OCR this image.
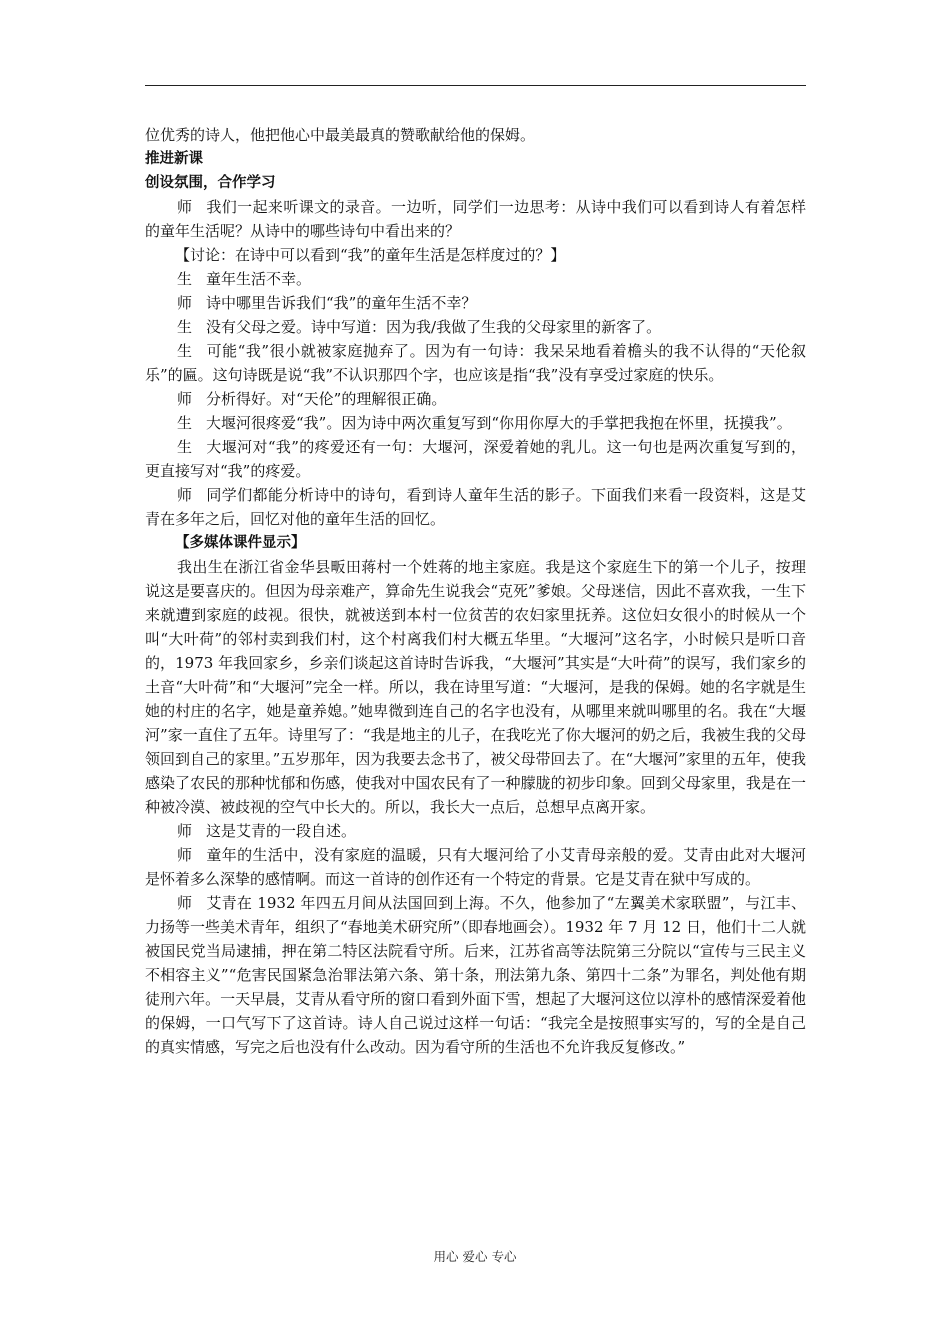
位优秀的诗人，他把他心中最美最真的赞歌献给他的保姆。

推进新课

创设氛围，合作学习

师 我们一起来听课文的录音。一边听，同学们一边思考：从诗中我们可以看到诗人有着怎样的童年生活呢？从诗中的哪些诗句中看出来的？

【讨论：在诗中可以看到“我”的童年生活是怎样度过的？】

生 童年生活不幸。

师 诗中哪里告诉我们“我”的童年生活不幸？

生 没有父母之爱。诗中写道：因为我/我做了生我的父母家里的新客了。

生 可能“我”很小就被家庭抛弃了。因为有一句诗：我呆呆地看着檐头的我不认得的“天伦叙乐”的匾。这句诗既是说“我”不认识那四个字，也应该是指“我”没有享受过家庭的快乐。

师 分析得好。对“天伦”的理解很正确。

生 大堰河很疼爱“我”。因为诗中两次重复写到“你用你厚大的手掌把我抱在怀里，抚摸我”。

生 大堰河对“我”的疼爱还有一句：大堰河，深爱着她的乳儿。这一句也是两次重复写到的，更直接写对“我”的疼爱。

师 同学们都能分析诗中的诗句，看到诗人童年生活的影子。下面我们来看一段资料，这是艾青在多年之后，回忆对他的童年生活的回忆。

【多媒体课件显示】

我出生在浙江省金华县畈田蒋村一个姓蒋的地主家庭。我是这个家庭生下的第一个儿子，按理说这是要喜庆的。但因为母亲难产，算命先生说我会“克死”爹娘。父母迷信，因此不喜欢我，一生下来就遭到家庭的歧视。很快，就被送到本村一位贫苦的农妇家里抚养。这位妇女很小的时候从一个叫“大叶荷”的邻村卖到我们村，这个村离我们村大概五华里。“大堰河”这名字，小时候只是听口音的，1973 年我回家乡，乡亲们谈起这首诗时告诉我，“大堰河”其实是“大叶荷”的误写，我们家乡的土音“大叶荷”和“大堰河”完全一样。所以，我在诗里写道：“大堰河，是我的保姆。她的名字就是生她的村庄的名字，她是童养媳。”她卑微到连自己的名字也没有，从哪里来就叫哪里的名。我在“大堰河”家一直住了五年。诗里写了：“我是地主的儿子，在我吃光了你大堰河的奶之后，我被生我的父母领回到自己的家里。”五岁那年，因为我要去念书了，被父母带回去了。在“大堰河”家里的五年，使我感染了农民的那种忧郁和伤感，使我对中国农民有了一种朦胧的初步印象。回到父母家里，我是在一种被冷漠、被歧视的空气中长大的。所以，我长大一点后，总想早点离开家。

师 这是艾青的一段自述。

师 童年的生活中，没有家庭的温暖，只有大堰河给了小艾青母亲般的爱。艾青由此对大堰河是怀着多么深挚的感情啊。而这一首诗的创作还有一个特定的背景。它是艾青在狱中写成的。

师 艾青在 1932 年四五月间从法国回到上海。不久，他参加了“左翼美术家联盟”，与江丰、力扬等一些美术青年，组织了“春地美术研究所”（即春地画会）。1932 年 7 月 12 日，他们十二人就被国民党当局逮捕，押在第二特区法院看守所。后来，江苏省高等法院第三分院以“宣传与三民主义不相容主义”“危害民国紧急治罪法第六条、第十条，刑法第九条、第四十二条”为罪名，判处他有期徒刑六年。一天早晨，艾青从看守所的窗口看到外面下雪，想起了大堰河这位以淳朴的感情深爱着他的保姆，一口气写下了这首诗。诗人自己说过这样一句话：“我完全是按照事实写的，写的全是自己的真实情感，写完之后也没有什么改动。因为看守所的生活也不允许我反复修改。”

用心 爱心 专心
